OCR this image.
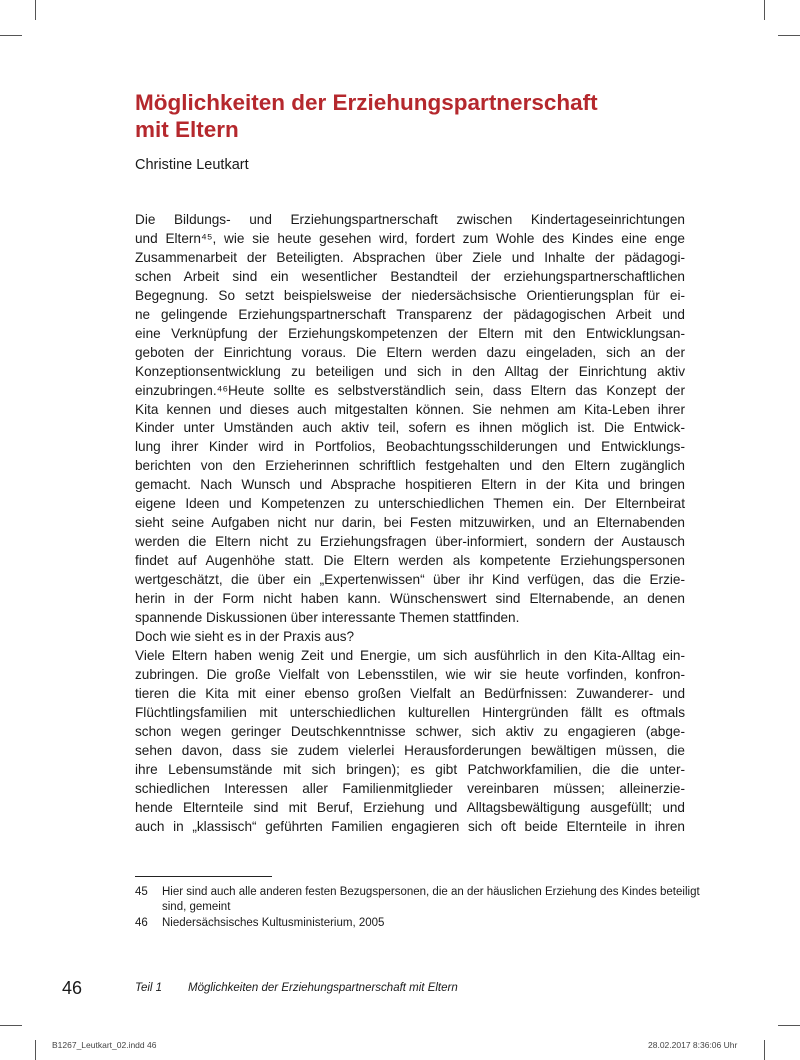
Möglichkeiten der Erziehungspartnerschaft
mit Eltern
Christine Leutkart
Die Bildungs- und Erziehungspartnerschaft zwischen Kindertageseinrichtungen
und Eltern⁴⁵, wie sie heute gesehen wird, fordert zum Wohle des Kindes eine enge
Zusammenarbeit der Beteiligten. Absprachen über Ziele und Inhalte der pädagogi-
schen Arbeit sind ein wesentlicher Bestandteil der erziehungspartnerschaftlichen
Begegnung. So setzt beispielsweise der niedersächsische Orientierungsplan für ei-
ne gelingende Erziehungspartnerschaft Transparenz der pädagogischen Arbeit und
eine Verknüpfung der Erziehungskompetenzen der Eltern mit den Entwicklungsan-
geboten der Einrichtung voraus. Die Eltern werden dazu eingeladen, sich an der
Konzeptionsentwicklung zu beteiligen und sich in den Alltag der Einrichtung aktiv
einzubringen.⁴⁶Heute sollte es selbstverständlich sein, dass Eltern das Konzept der
Kita kennen und dieses auch mitgestalten können. Sie nehmen am Kita-Leben ihrer
Kinder unter Umständen auch aktiv teil, sofern es ihnen möglich ist. Die Entwick-
lung ihrer Kinder wird in Portfolios, Beobachtungsschilderungen und Entwicklungs-
berichten von den Erzieherinnen schriftlich festgehalten und den Eltern zugänglich
gemacht. Nach Wunsch und Absprache hospitieren Eltern in der Kita und bringen
eigene Ideen und Kompetenzen zu unterschiedlichen Themen ein. Der Elternbeirat
sieht seine Aufgaben nicht nur darin, bei Festen mitzuwirken, und an Elternabenden
werden die Eltern nicht zu Erziehungsfragen über-informiert, sondern der Austausch
findet auf Augenhöhe statt. Die Eltern werden als kompetente Erziehungspersonen
wertgeschätzt, die über ein „Expertenwissen“ über ihr Kind verfügen, das die Erzie-
herin in der Form nicht haben kann. Wünschenswert sind Elternabende, an denen
spannende Diskussionen über interessante Themen stattfinden.
Doch wie sieht es in der Praxis aus?
Viele Eltern haben wenig Zeit und Energie, um sich ausführlich in den Kita-Alltag ein-
zubringen. Die große Vielfalt von Lebensstilen, wie wir sie heute vorfinden, konfron-
tieren die Kita mit einer ebenso großen Vielfalt an Bedürfnissen: Zuwanderer- und
Flüchtlingsfamilien mit unterschiedlichen kulturellen Hintergründen fällt es oftmals
schon wegen geringer Deutschkenntnisse schwer, sich aktiv zu engagieren (abge-
sehen davon, dass sie zudem vielerlei Herausforderungen bewältigen müssen, die
ihre Lebensumstände mit sich bringen); es gibt Patchworkfamilien, die die unter-
schiedlichen Interessen aller Familienmitglieder vereinbaren müssen; alleinerzie-
hende Elternteile sind mit Beruf, Erziehung und Alltagsbewältigung ausgefüllt; und
auch in „klassisch“ geführten Familien engagieren sich oft beide Elternteile in ihren
45 Hier sind auch alle anderen festen Bezugspersonen, die an der häuslichen Erziehung des Kindes beteiligt sind, gemeint
46 Niedersächsisches Kultusministerium, 2005
46	Teil 1 Möglichkeiten der Erziehungspartnerschaft mit Eltern
B1267_Leutkart_02.indd 46	28.02.2017 8:36:06 Uhr
